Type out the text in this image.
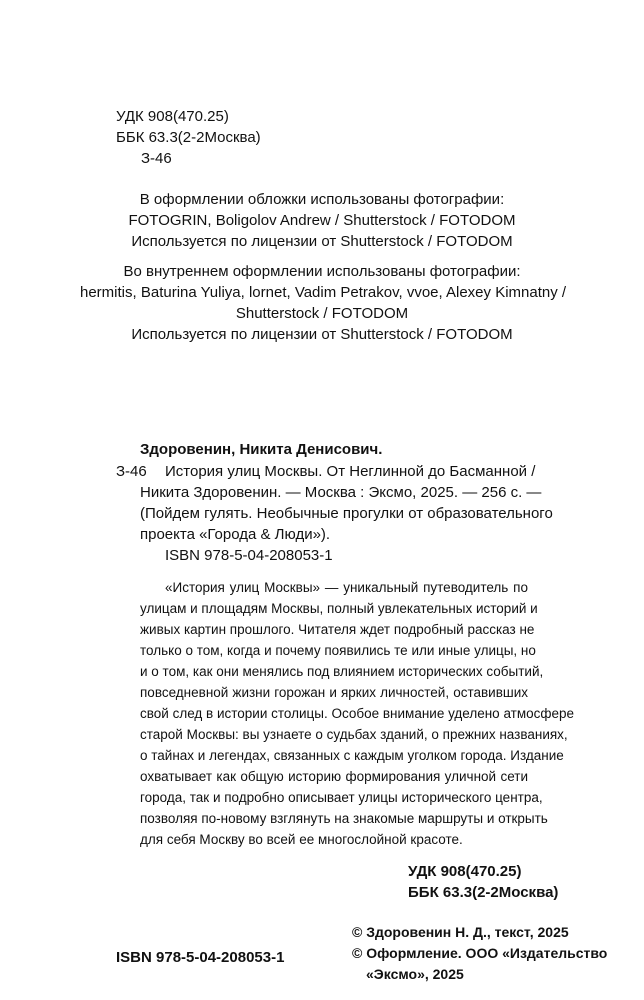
УДК 908(470.25)
ББК 63.3(2-2Москва)
З-46
В оформлении обложки использованы фотографии:
FOTOGRIN, Boligolov Andrew / Shutterstock / FOTODOM
Используется по лицензии от Shutterstock / FOTODOM
Во внутреннем оформлении использованы фотографии:
hermitis, Baturina Yuliya, lornet, Vadim Petrakov, vvoe, Alexey Kimnatny /
Shutterstock / FOTODOM
Используется по лицензии от Shutterstock / FOTODOM
Здоровенин, Никита Денисович.
З-46 История улиц Москвы. От Неглинной до Басманной /
Никита Здоровенин. — Москва : Эксмо, 2025. — 256 с. —
(Пойдем гулять. Необычные прогулки от образовательного
проекта «Города & Люди»).
ISBN 978-5-04-208053-1
«История улиц Москвы» — уникальный путеводитель по
улицам и площадям Москвы, полный увлекательных историй и
живых картин прошлого. Читателя ждет подробный рассказ не
только о том, когда и почему появились те или иные улицы, но
и о том, как они менялись под влиянием исторических событий,
повседневной жизни горожан и ярких личностей, оставивших
свой след в истории столицы. Особое внимание уделено атмосфере
старой Москвы: вы узнаете о судьбах зданий, о прежних названиях,
о тайнах и легендах, связанных с каждым уголком города. Издание
охватывает как общую историю формирования уличной сети
города, так и подробно описывает улицы исторического центра,
позволяя по-новому взглянуть на знакомые маршруты и открыть
для себя Москву во всей ее многослойной красоте.
УДК 908(470.25)
ББК 63.3(2-2Москва)
ISBN 978-5-04-208053-1
© Здоровенин Н. Д., текст, 2025
© Оформление. ООО «Издательство
«Эксмо», 2025
